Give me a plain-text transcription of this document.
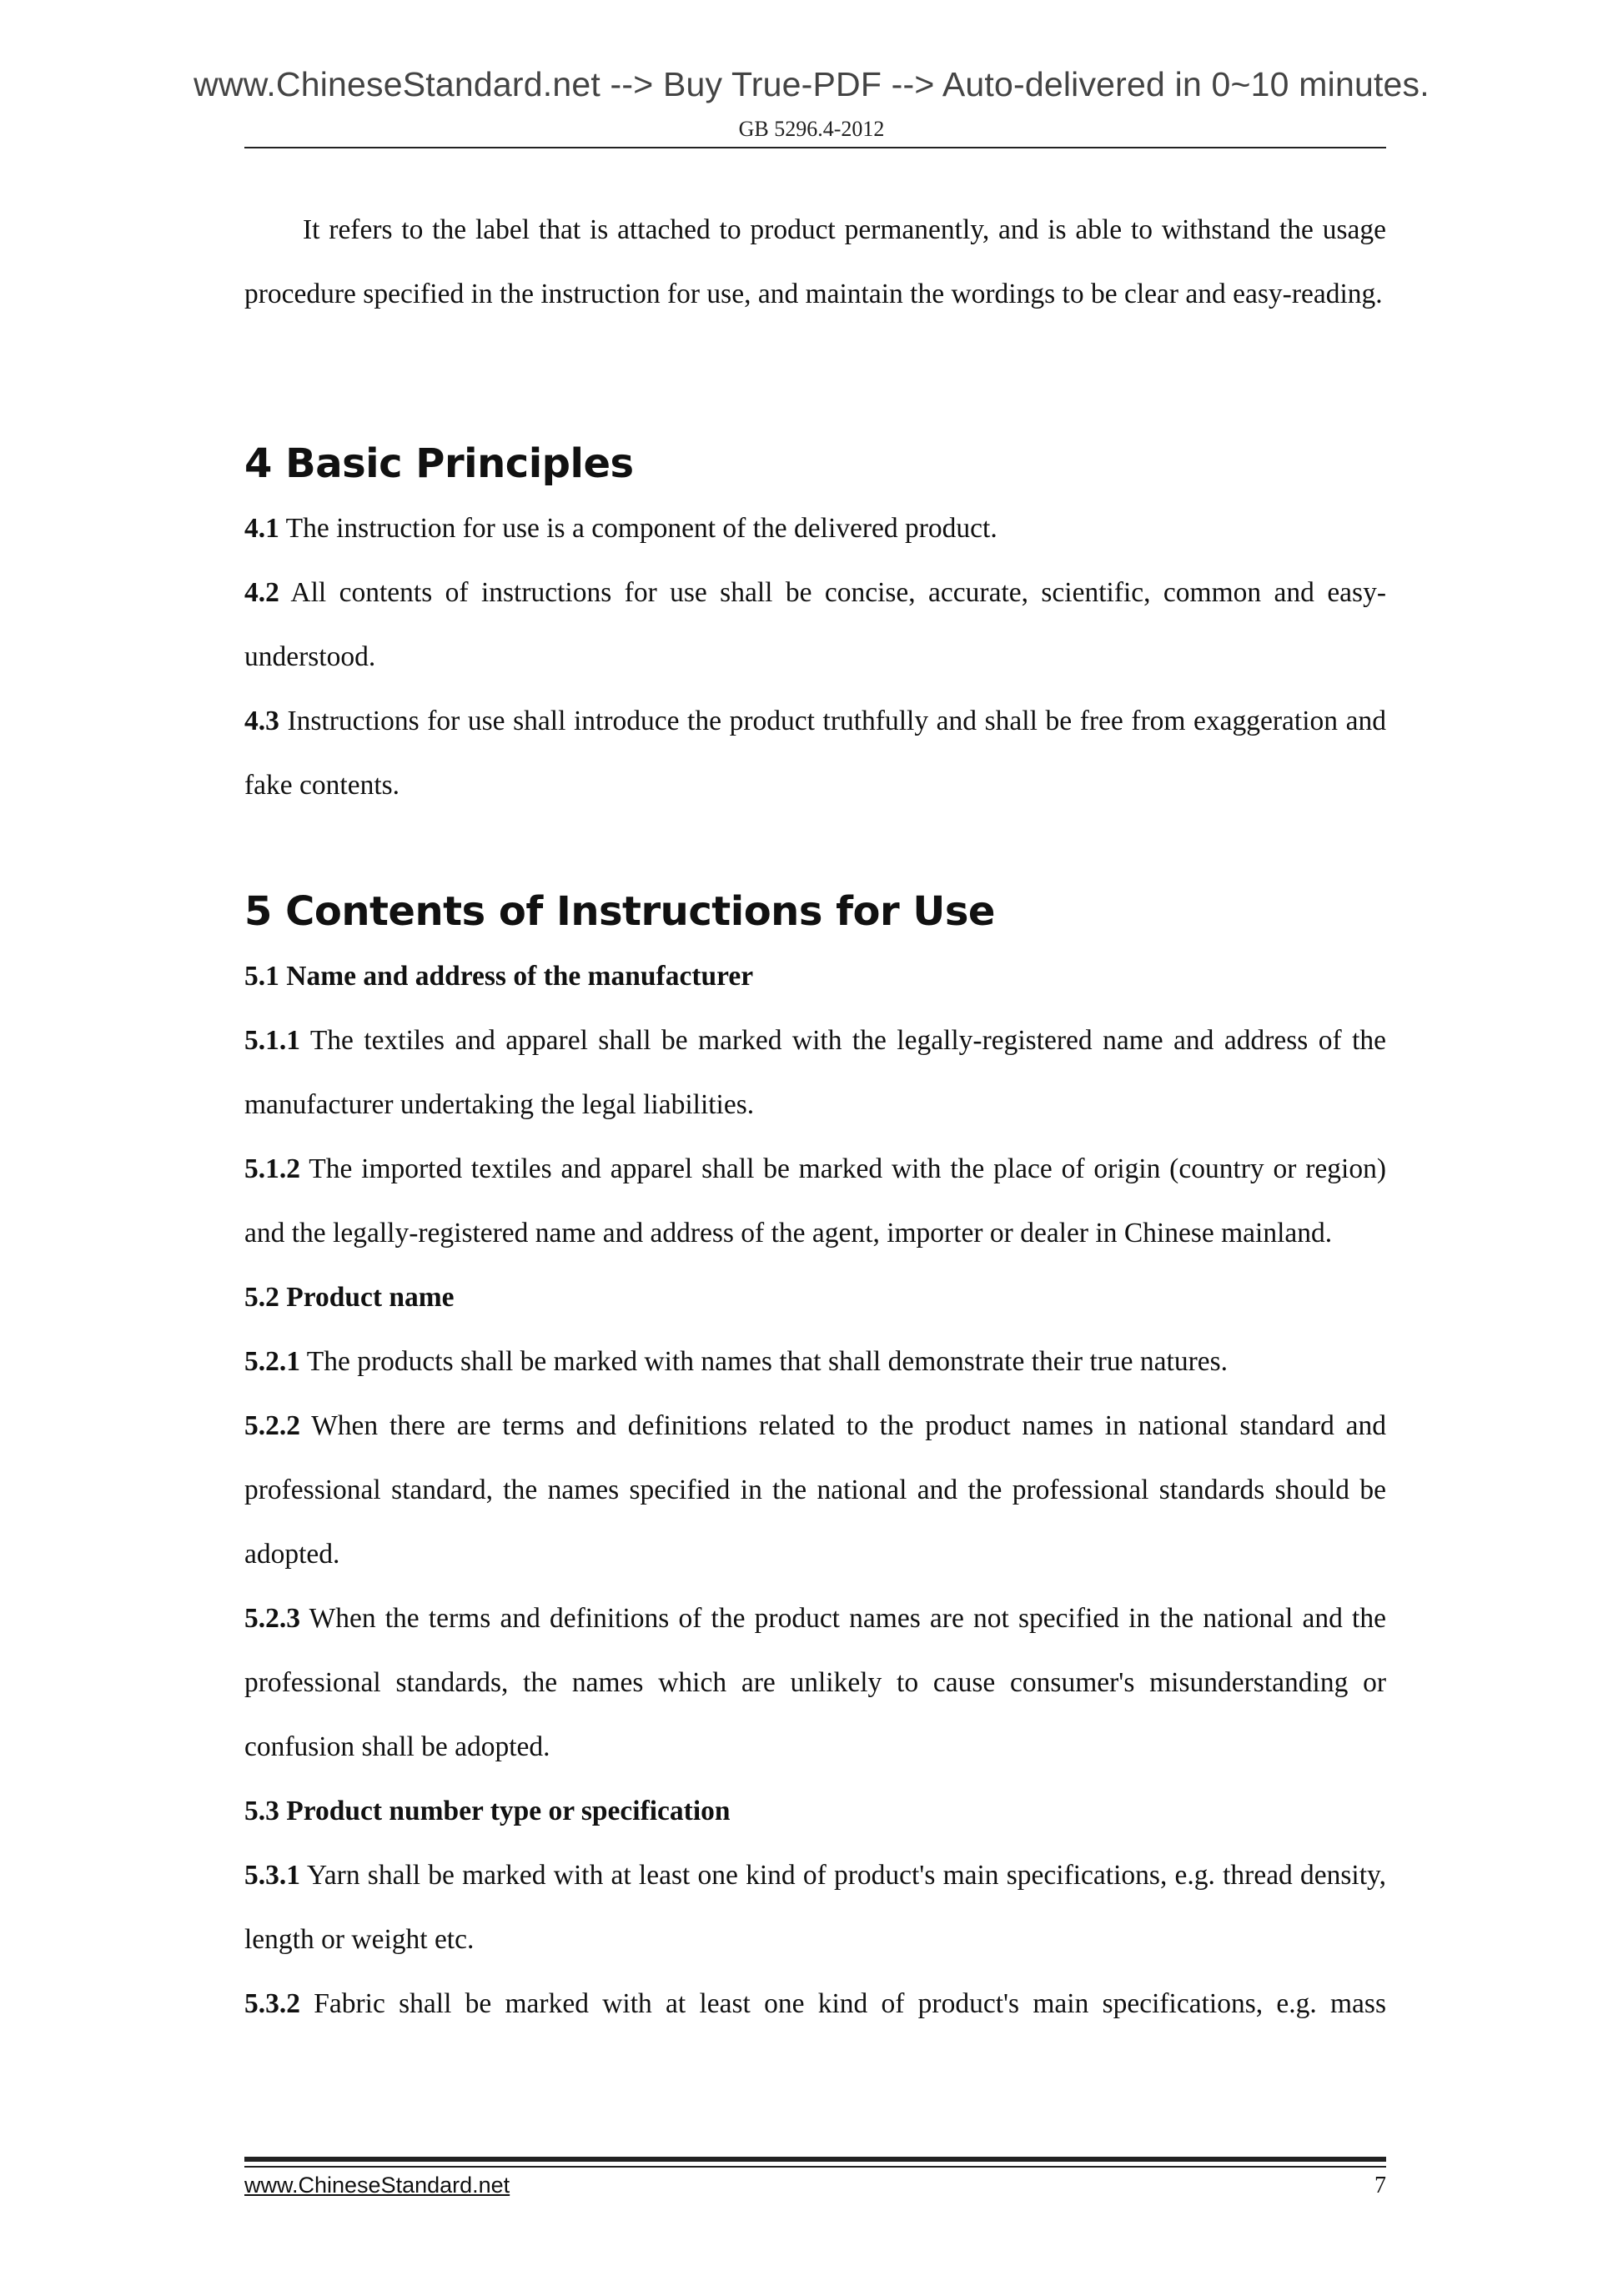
www.ChineseStandard.net --> Buy True-PDF --> Auto-delivered in 0~10 minutes.
GB 5296.4-2012

It refers to the label that is attached to product permanently, and is able to withstand the usage procedure specified in the instruction for use, and maintain the wordings to be clear and easy-reading.

4 Basic Principles

4.1 The instruction for use is a component of the delivered product.

4.2 All contents of instructions for use shall be concise, accurate, scientific, common and easy-understood.

4.3 Instructions for use shall introduce the product truthfully and shall be free from exaggeration and fake contents.

5 Contents of Instructions for Use

5.1 Name and address of the manufacturer

5.1.1 The textiles and apparel shall be marked with the legally-registered name and address of the manufacturer undertaking the legal liabilities.

5.1.2 The imported textiles and apparel shall be marked with the place of origin (country or region) and the legally-registered name and address of the agent, importer or dealer in Chinese mainland.

5.2 Product name

5.2.1 The products shall be marked with names that shall demonstrate their true natures.

5.2.2 When there are terms and definitions related to the product names in national standard and professional standard, the names specified in the national and the professional standards should be adopted.

5.2.3 When the terms and definitions of the product names are not specified in the national and the professional standards, the names which are unlikely to cause consumer's misunderstanding or confusion shall be adopted.

5.3 Product number type or specification

5.3.1 Yarn shall be marked with at least one kind of product's main specifications, e.g. thread density, length or weight etc.

5.3.2 Fabric shall be marked with at least one kind of product's main specifications, e.g. mass

www.ChineseStandard.net	7
